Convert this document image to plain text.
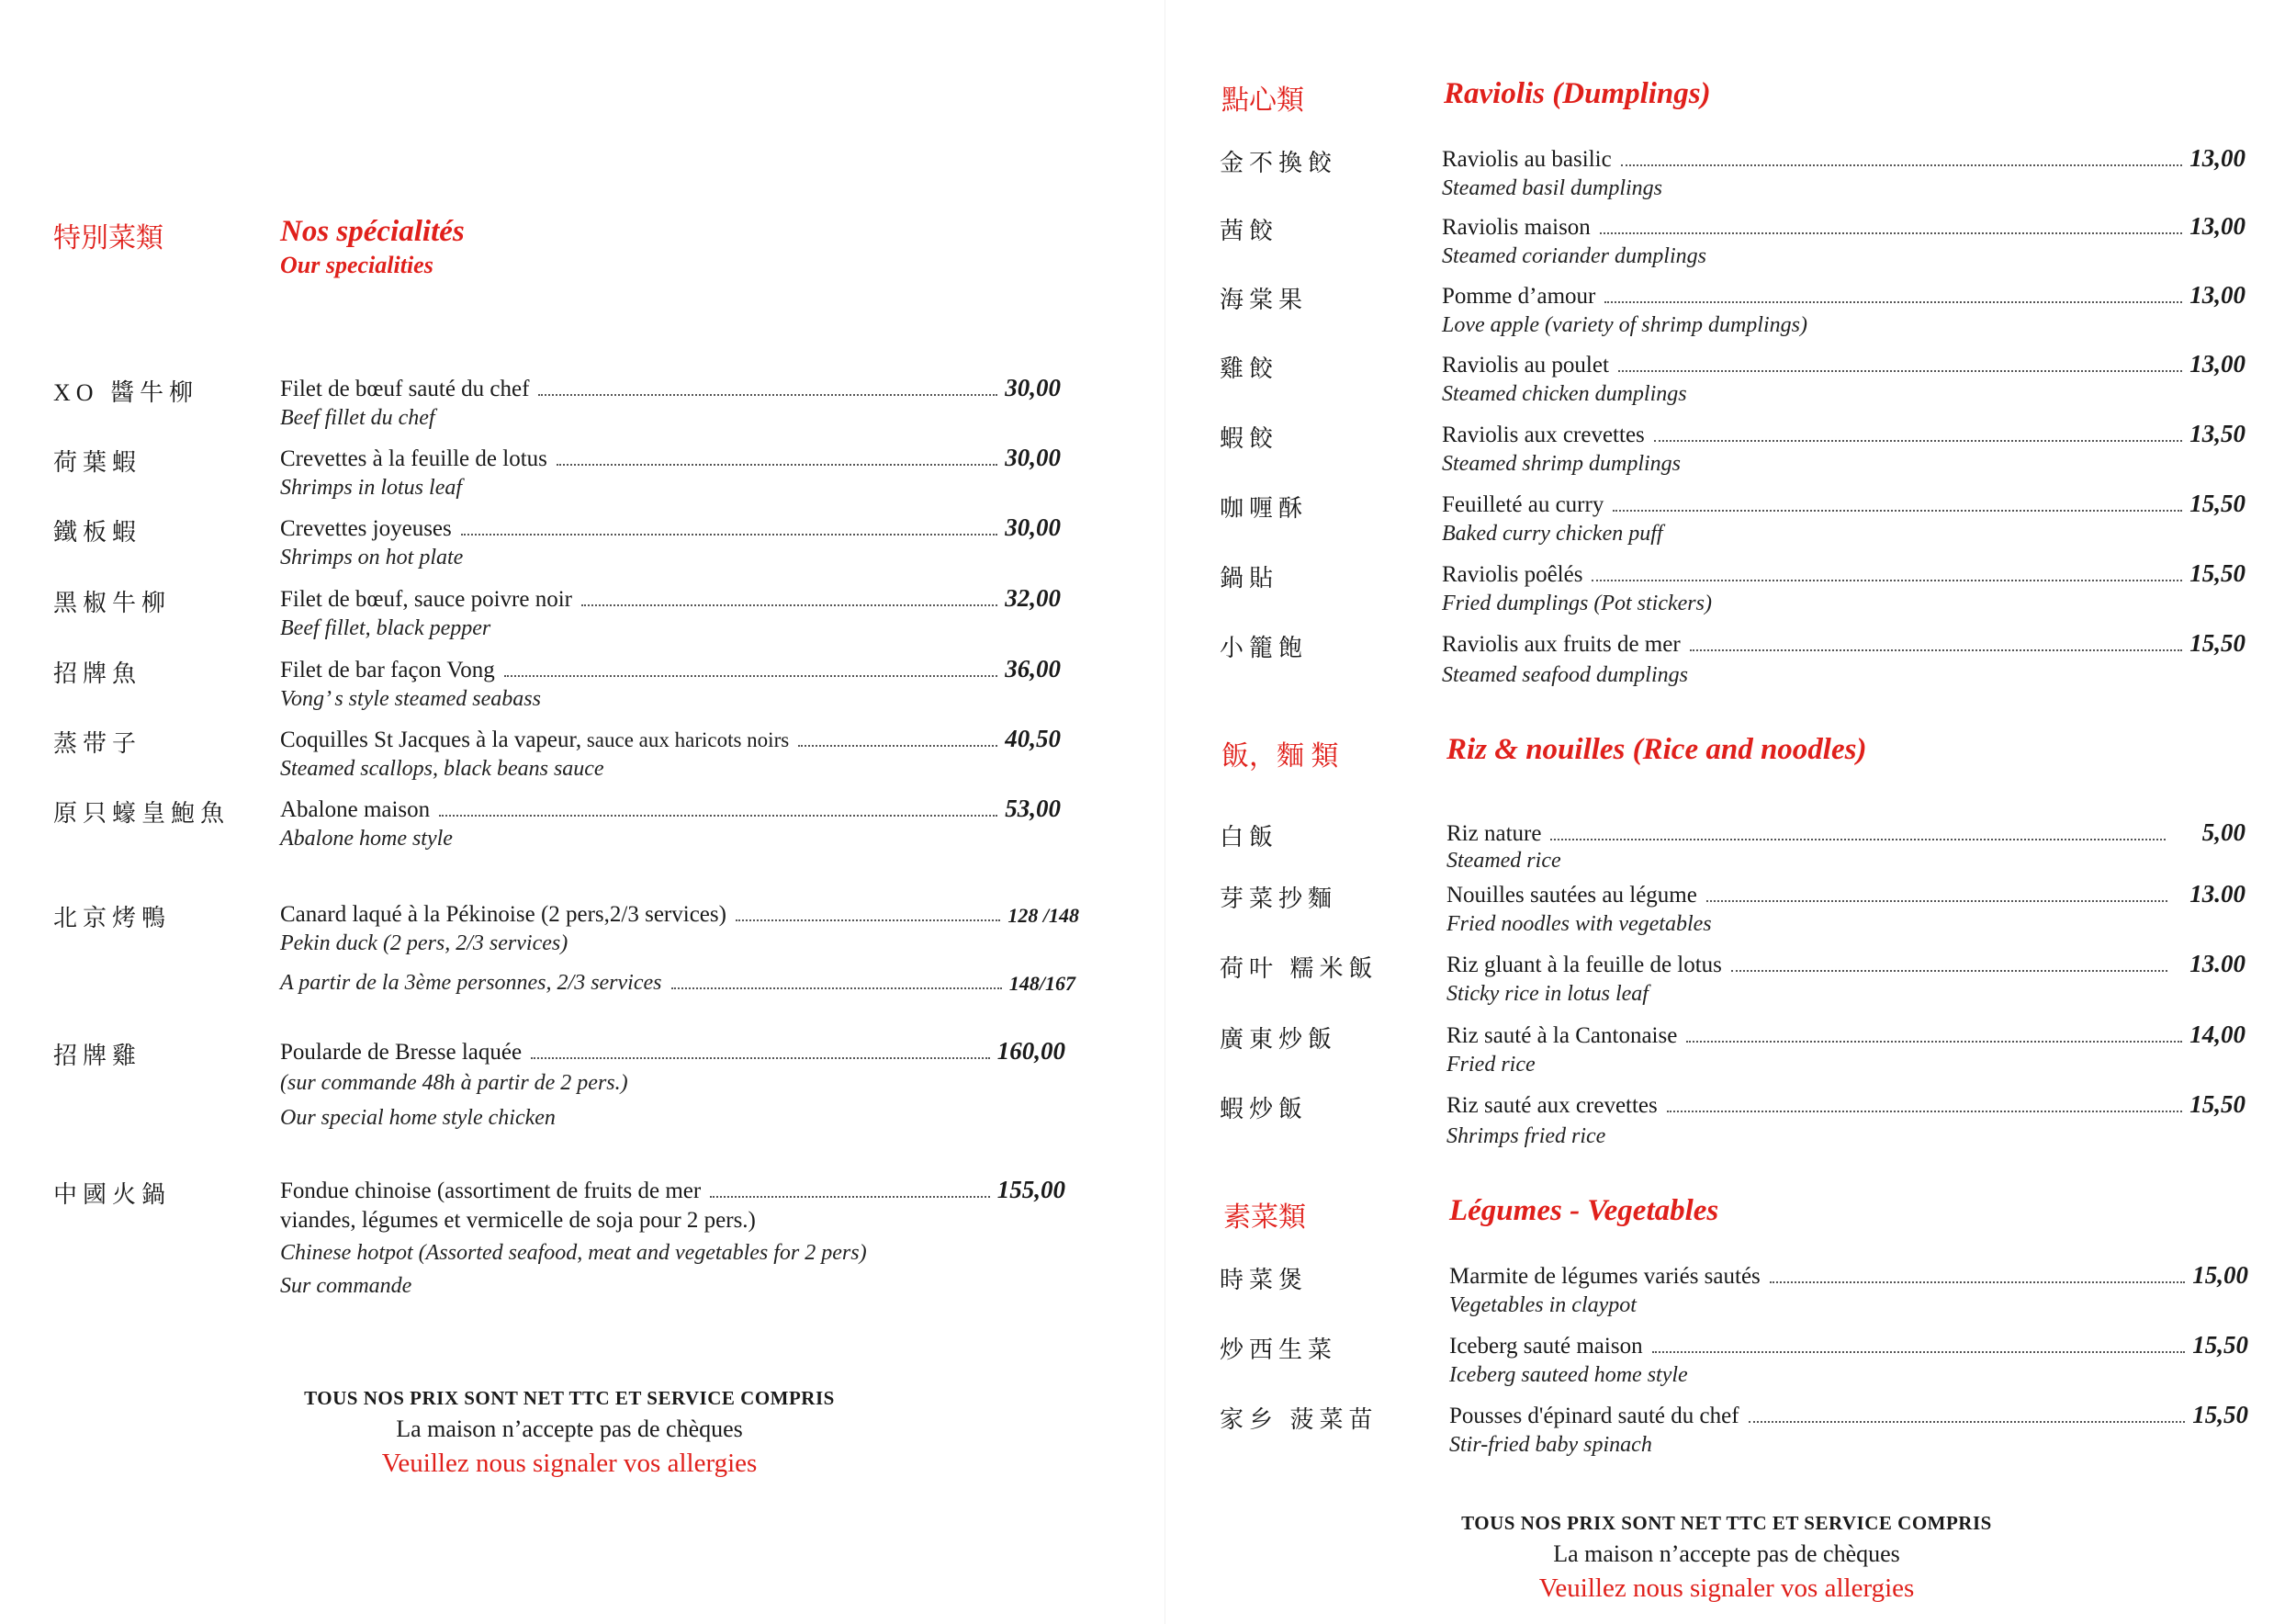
特別菜類	Nos spécialités
Our specialities
XO 醬牛柳	Filet de bœuf sauté du chef	30,00
Beef fillet du chef
荷葉蝦	Crevettes à la feuille de lotus	30,00
Shrimps in lotus leaf
鐵板蝦	Crevettes joyeuses	30,00
Shrimps on hot plate
黑椒牛柳	Filet de bœuf, sauce poivre noir	32,00
Beef fillet, black pepper
招牌魚	Filet de bar façon Vong	36,00
Vong’ s style steamed seabass
蒸带子	Coquilles St Jacques à la vapeur, sauce aux haricots noirs	40,50
Steamed scallops, black beans sauce
原只蠔皇鮑魚 Abalone maison	53,00
Abalone home style
北京烤鴨	Canard laqué à la Pékinoise (2 pers,2/3 services)	128 /148
Pekin duck (2 pers, 2/3 services)
A partir de la 3ème personnes, 2/3 services	148/167
招牌雞	Poularde de Bresse laquée	160,00
(sur commande 48h à partir de 2 pers.)
Our special home style chicken
中國火鍋	Fondue chinoise (assortiment de fruits de mer	155,00
viandes, légumes et vermicelle de soja pour 2 pers.)
Chinese hotpot (Assorted seafood, meat and vegetables for 2 pers)
Sur commande
TOUS NOS PRIX SONT NET TTC ET SERVICE COMPRIS
La maison n’accepte pas de chèques
Veuillez nous signaler vos allergies
點心類	Raviolis (Dumplings)
金不換餃	Raviolis au basilic	13,00
Steamed basil dumplings
茜餃	Raviolis maison	13,00
Steamed coriander dumplings
海棠果	Pomme d’amour	13,00
Love apple (variety of shrimp dumplings)
雞餃	Raviolis au poulet	13,00
Steamed chicken dumplings
蝦餃	Raviolis aux crevettes	13,50
Steamed shrimp dumplings
咖喱酥	Feuilleté au curry	15,50
Baked curry chicken puff
鍋貼	Raviolis poêlés	15,50
Fried dumplings (Pot stickers)
小籠飽	Raviolis aux fruits de mer	15,50
Steamed seafood dumplings
飯，麵 類	Riz & nouilles (Rice and noodles)
白飯	Riz nature	5,00
Steamed rice
芽菜抄麵	Nouilles sautées au légume	13.00
Fried noodles with vegetables
荷叶 糯米飯	Riz gluant à la feuille de lotus	13.00
Sticky rice in lotus leaf
廣東炒飯	Riz sauté à la Cantonaise	14,00
Fried rice
蝦炒飯	Riz sauté aux crevettes	15,50
Shrimps fried rice
素菜類	Légumes - Vegetables
時菜煲	Marmite de légumes variés sautés	15,00
Vegetables in claypot
炒西生菜	Iceberg sauté maison	15,50
Iceberg sauteed home style
家乡 菠菜苗	Pousses d'épinard sauté du chef	15,50
Stir-fried baby spinach
TOUS NOS PRIX SONT NET TTC ET SERVICE COMPRIS
La maison n’accepte pas de chèques
Veuillez nous signaler vos allergies
